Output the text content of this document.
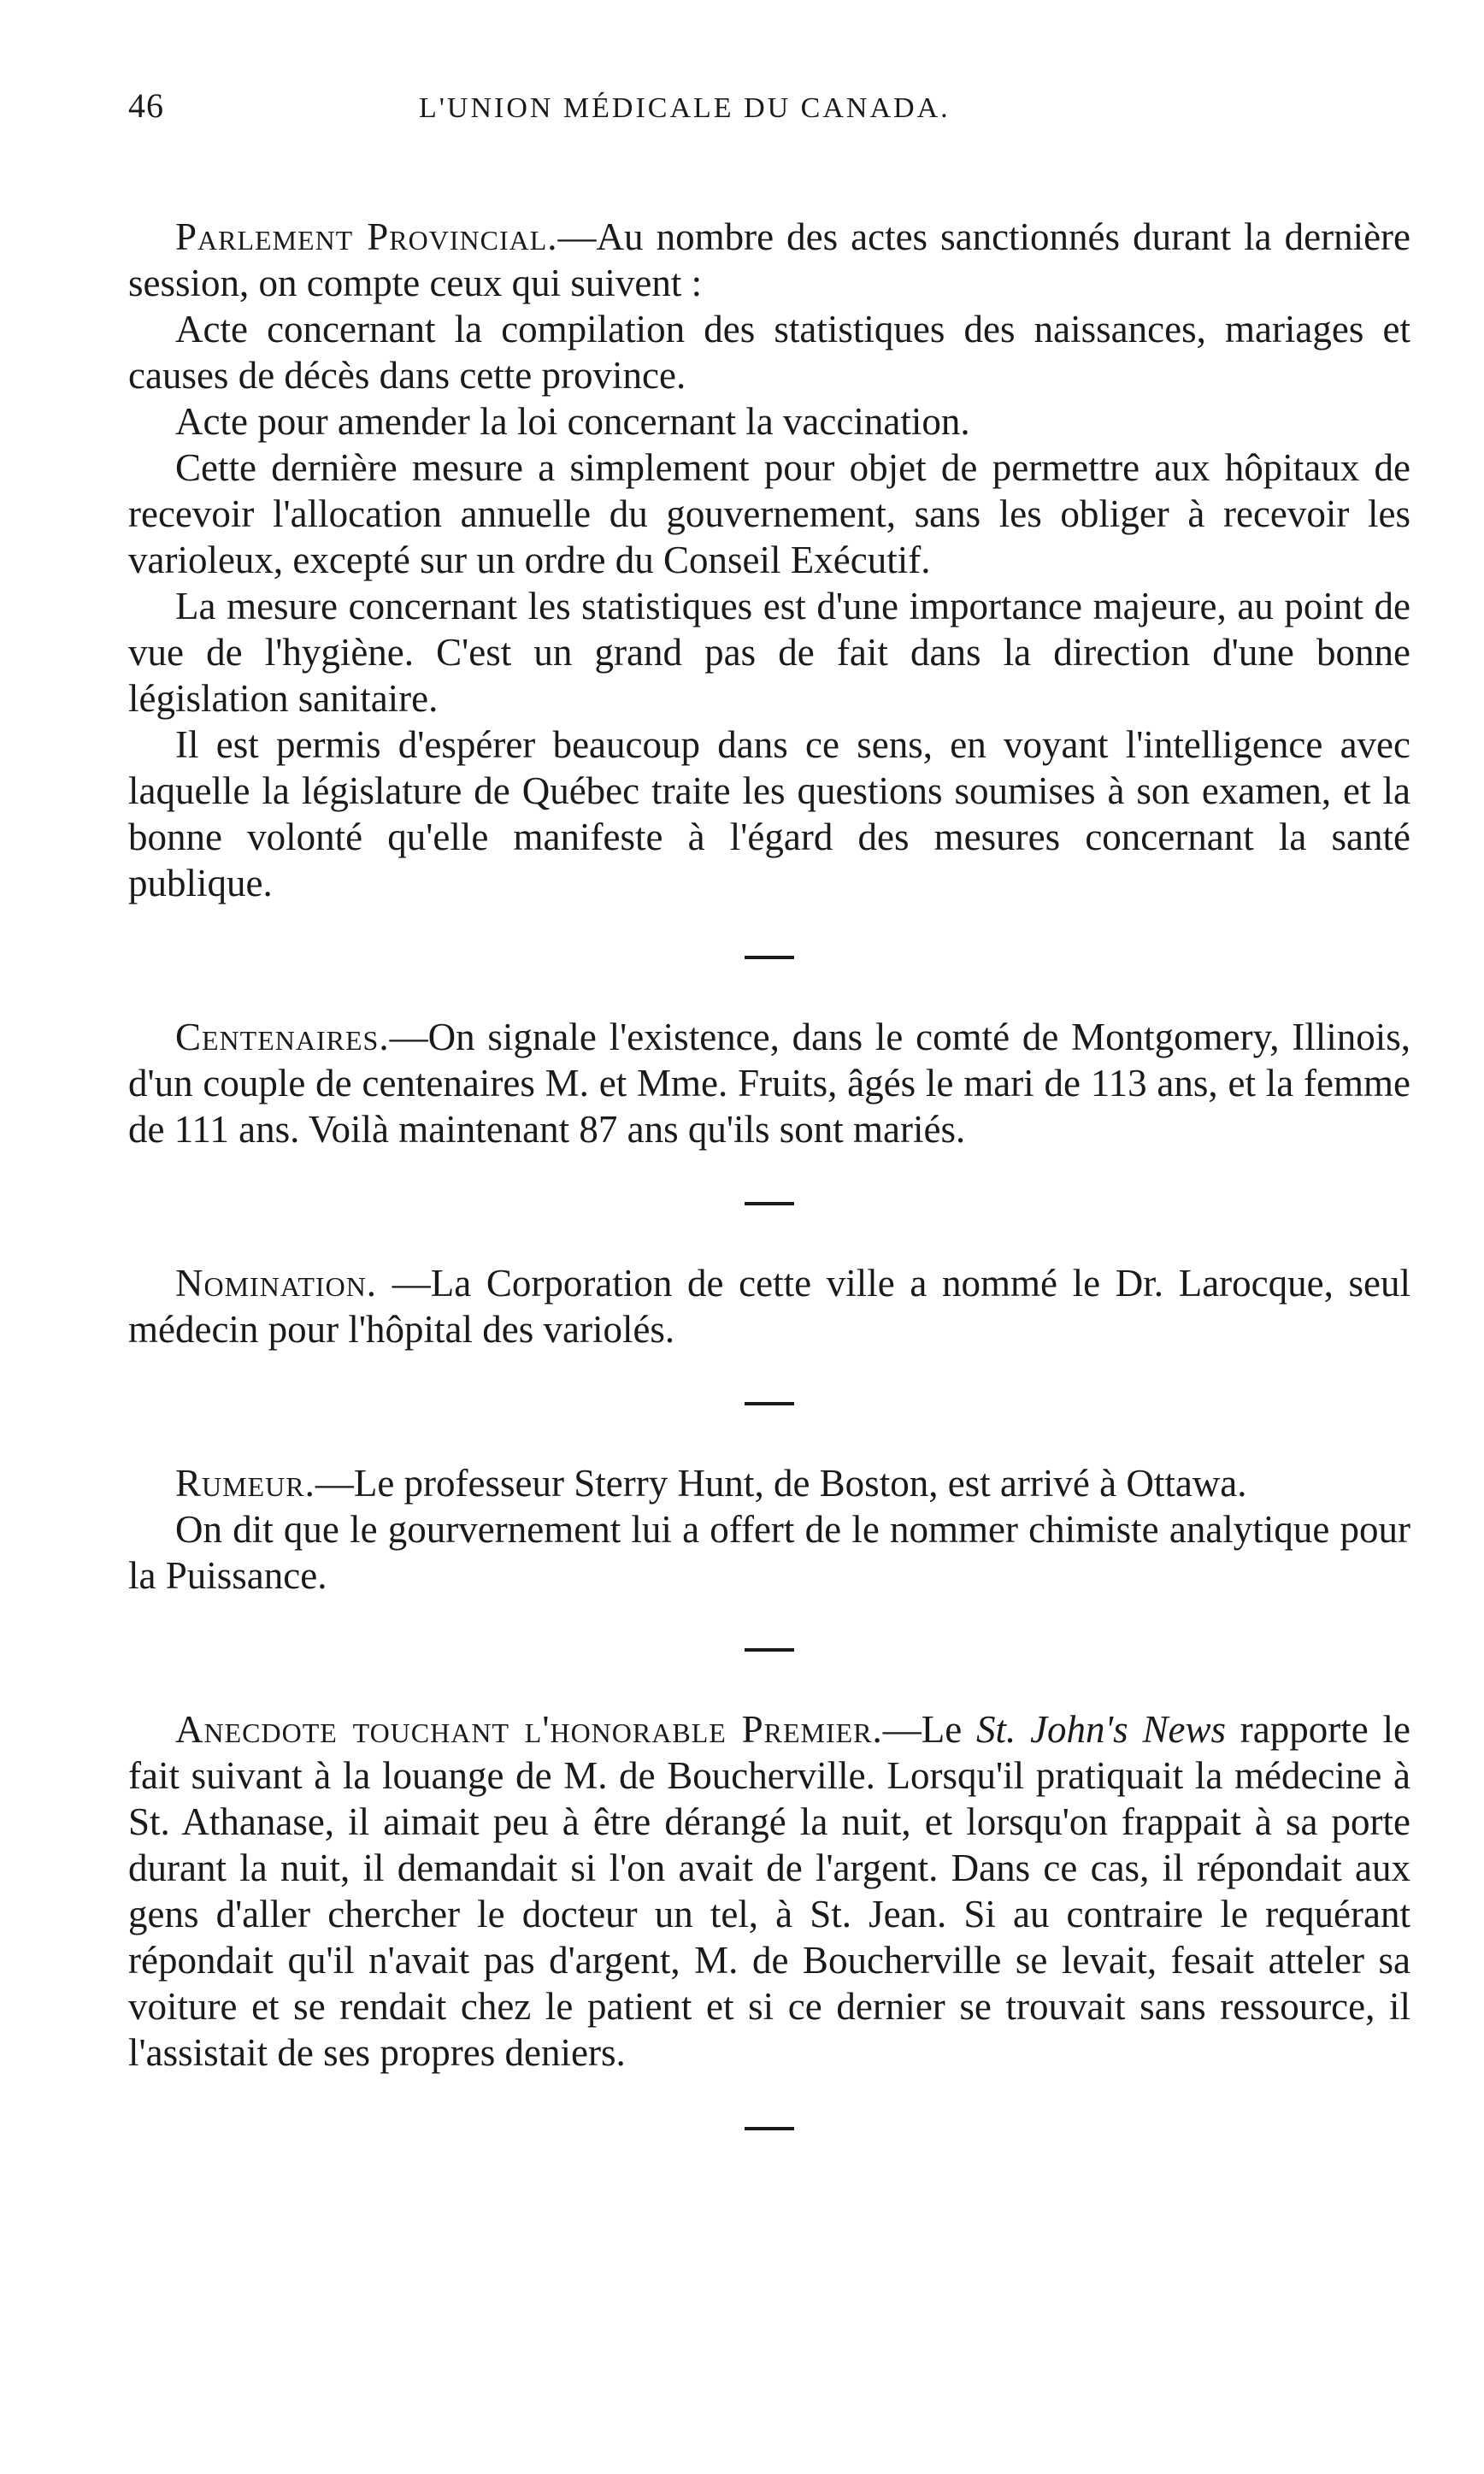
46	L'UNION MÉDICALE DU CANADA.

Parlement Provincial.—Au nombre des actes sanctionnés durant la dernière session, on compte ceux qui suivent :

Acte concernant la compilation des statistiques des naissances, mariages et causes de décès dans cette province.

Acte pour amender la loi concernant la vaccination.

Cette dernière mesure a simplement pour objet de permettre aux hôpitaux de recevoir l'allocation annuelle du gouvernement, sans les obliger à recevoir les varioleux, excepté sur un ordre du Conseil Exécutif.

La mesure concernant les statistiques est d'une importance majeure, au point de vue de l'hygiène. C'est un grand pas de fait dans la direction d'une bonne législation sanitaire.

Il est permis d'espérer beaucoup dans ce sens, en voyant l'intelligence avec laquelle la législature de Québec traite les questions soumises à son examen, et la bonne volonté qu'elle manifeste à l'égard des mesures concernant la santé publique.

Centenaires.—On signale l'existence, dans le comté de Montgomery, Illinois, d'un couple de centenaires M. et Mme. Fruits, âgés le mari de 113 ans, et la femme de 111 ans. Voilà maintenant 87 ans qu'ils sont mariés.

Nomination. —La Corporation de cette ville a nommé le Dr. Larocque, seul médecin pour l'hôpital des variolés.

Rumeur.—Le professeur Sterry Hunt, de Boston, est arrivé à Ottawa.

On dit que le gourvernement lui a offert de le nommer chimiste analytique pour la Puissance.

Anecdote touchant l'honorable Premier.—Le St. John's News rapporte le fait suivant à la louange de M. de Boucherville. Lorsqu'il pratiquait la médecine à St. Athanase, il aimait peu à être dérangé la nuit, et lorsqu'on frappait à sa porte durant la nuit, il demandait si l'on avait de l'argent. Dans ce cas, il répondait aux gens d'aller chercher le docteur un tel, à St. Jean. Si au contraire le requérant répondait qu'il n'avait pas d'argent, M. de Boucherville se levait, fesait atteler sa voiture et se rendait chez le patient et si ce dernier se trouvait sans ressource, il l'assistait de ses propres deniers.
